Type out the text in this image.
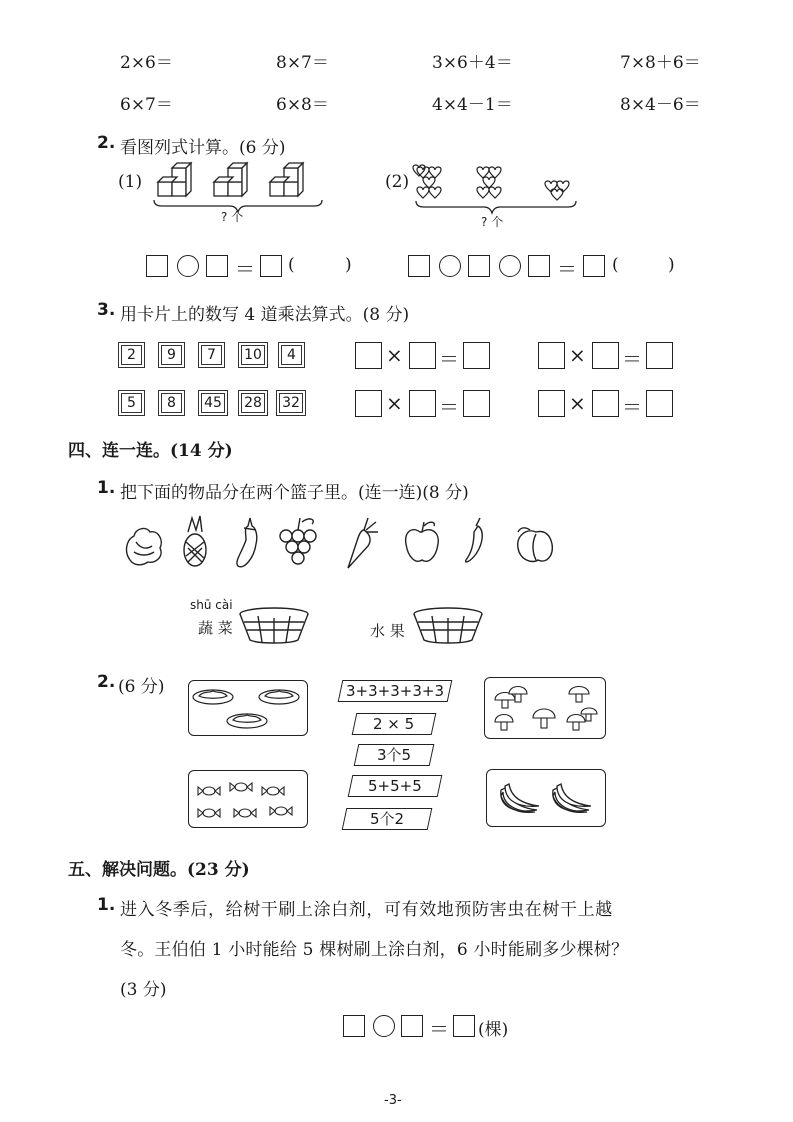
2×6＝	8×7＝	3×6＋4＝	7×8＋6＝
6×7＝	6×8＝	4×4－1＝	8×4－6＝
2. 看图列式计算。(6 分)
(1)
? 个
(2)
? 个
＝ (	)	＝ (	)
3. 用卡片上的数写 4 道乘法算式。(8 分)
2	9	7	10	4
5	8	45 28 32
× ＝	× ＝
× ＝	× ＝
四、连一连。(14 分)
1. 把下面的物品分在两个篮子里。(连一连)(8 分)
shū cài
蔬 菜	水 果
2. (6 分)	3+3+3+3+3
2 × 5
3个5
5+5+5
5个2
五、解决问题。(23 分)
1. 进入冬季后，给树干刷上涂白剂，可有效地预防害虫在树干上越
冬。王伯伯 1 小时能给 5 棵树刷上涂白剂，6 小时能刷多少棵树？
(3 分)
＝ (棵)
-3-
